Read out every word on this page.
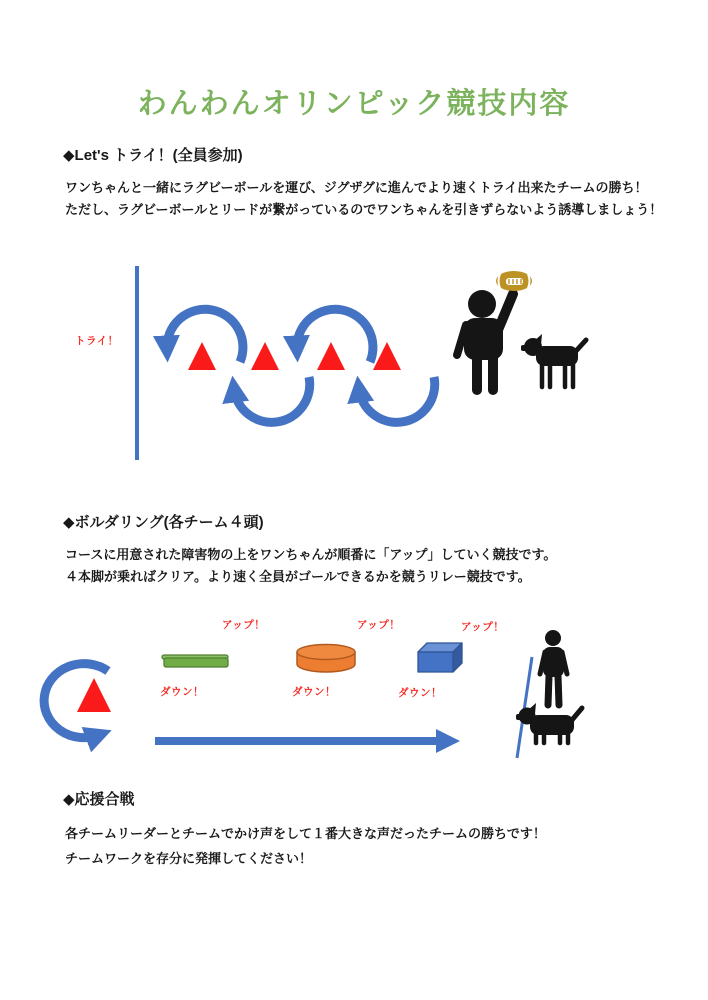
わんわんオリンピック競技内容
◆Let's トライ！(全員参加)
ワンちゃんと一緒にラグビーボールを運び、ジグザグに進んでより速くトライ出来たチームの勝ち！
ただし、ラグビーボールとリードが繋がっているのでワンちゃんを引きずらないよう誘導しましょう！
トライ！
◆ボルダリング(各チーム４頭)
コースに用意された障害物の上をワンちゃんが順番に「アップ」していく競技です。
４本脚が乗ればクリア。より速く全員がゴールできるかを競うリレー競技です。
アップ！	アップ！	アップ！
ダウン！	ダウン！	ダウン！
◆応援合戦
各チームリーダーとチームでかけ声をして１番大きな声だったチームの勝ちです！
チームワークを存分に発揮してください！
